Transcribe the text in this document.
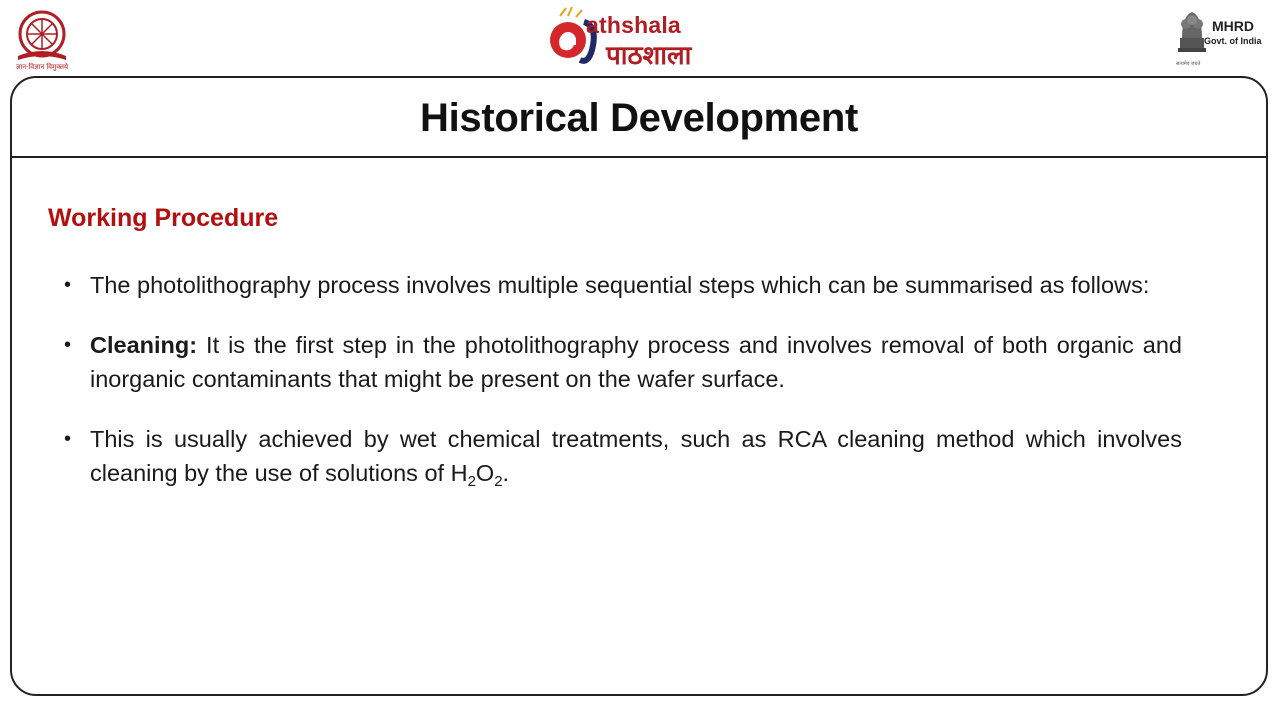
ज्ञान-विज्ञान विमुक्तये
e athshala
पाठशाला
MHRD
Govt. of India
सत्यमेव जयते
Historical Development
Working Procedure
• The photolithography process involves multiple sequential steps which can be summarised as follows:
• Cleaning: It is the first step in the photolithography process and involves removal of both organic and inorganic contaminants that might be present on the wafer surface.
• This is usually achieved by wet chemical treatments, such as RCA cleaning method which involves cleaning by the use of solutions of $H_2O_2$.
